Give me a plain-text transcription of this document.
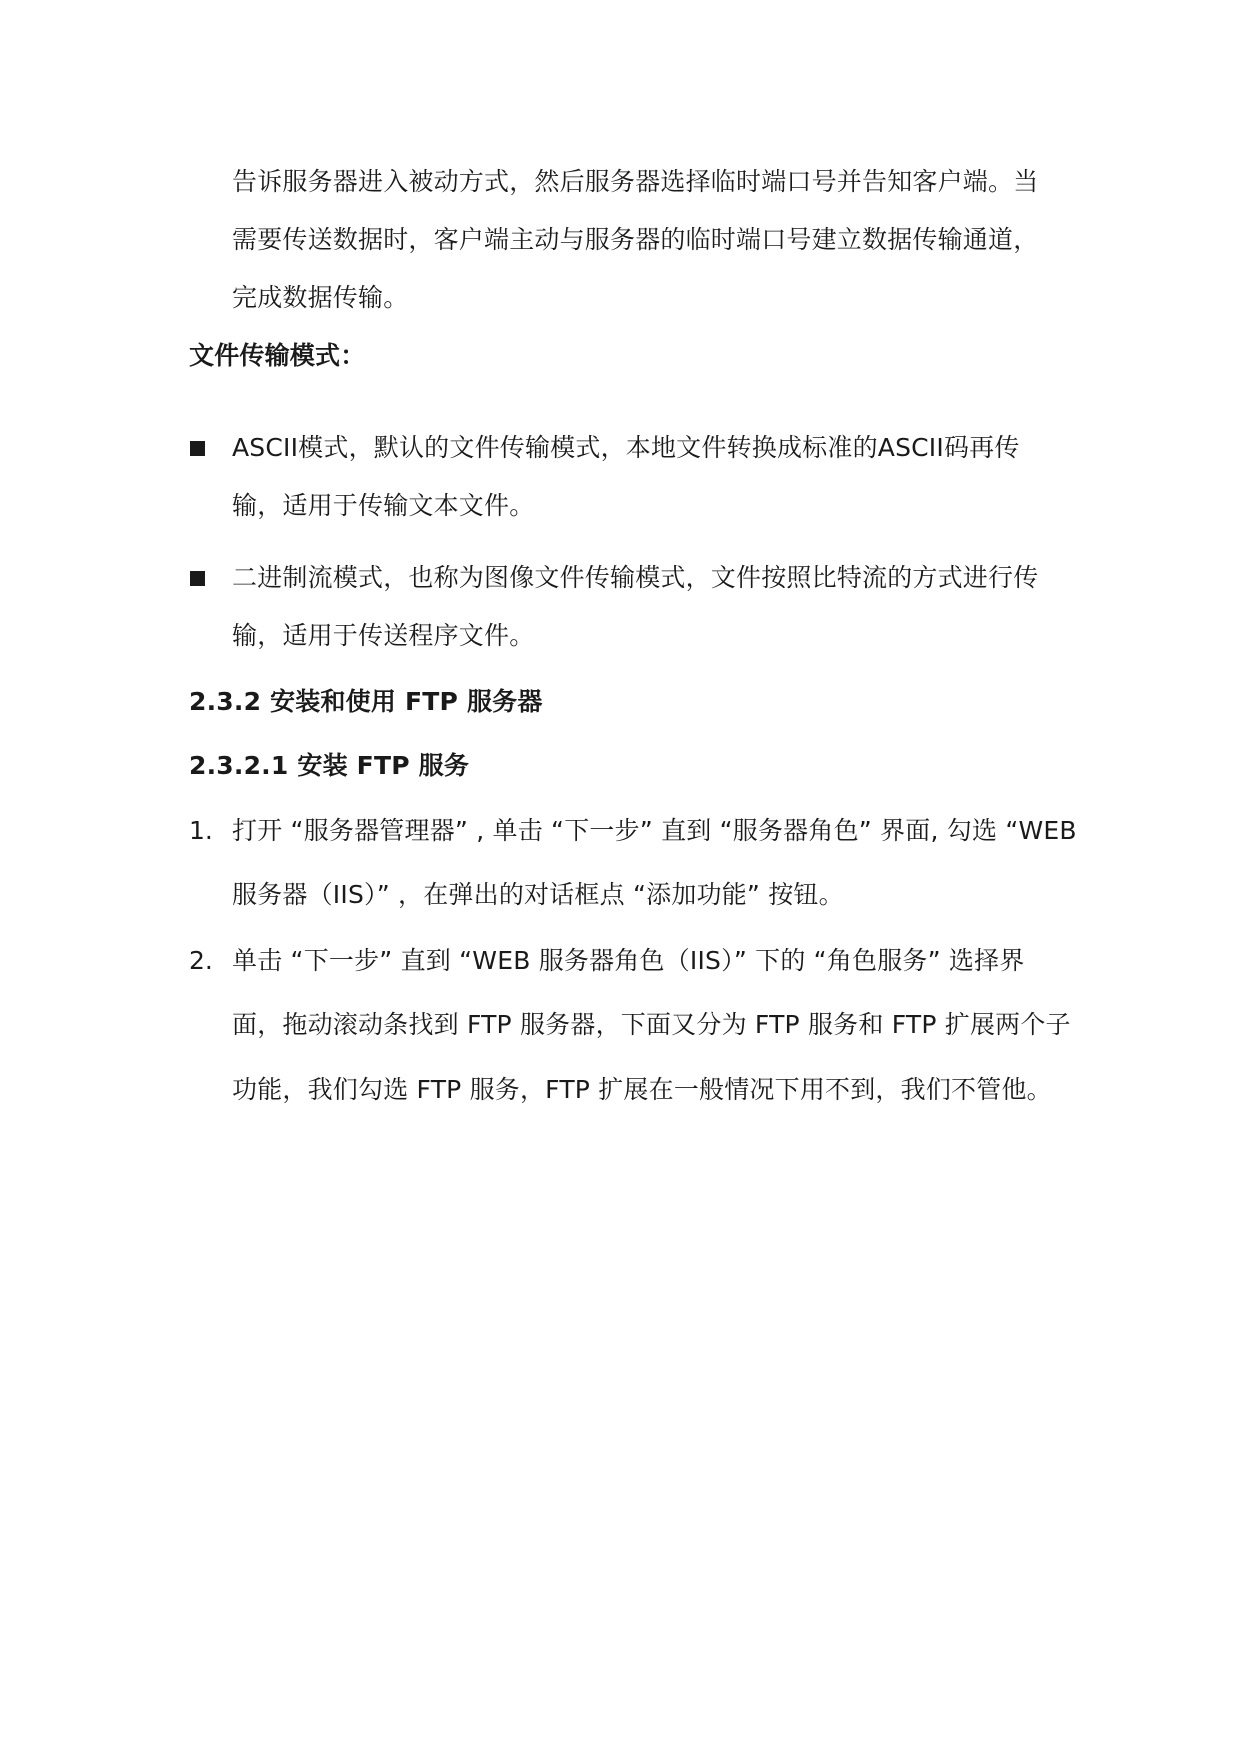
告诉服务器进入被动方式，然后服务器选择临时端口号并告知客户端。当
需要传送数据时，客户端主动与服务器的临时端口号建立数据传输通道，
完成数据传输。
文件传输模式：
ASCII模式，默认的文件传输模式，本地文件转换成标准的ASCII码再传
输，适用于传输文本文件。
二进制流模式，也称为图像文件传输模式，文件按照比特流的方式进行传
输，适用于传送程序文件。
2.3.2 安装和使用 FTP 服务器
2.3.2.1 安装 FTP 服务
1. 打开 “服务器管理器” , 单击 “下一步” 直到 “服务器角色” 界面, 勾选 “WEB
服务器（IIS）” ，在弹出的对话框点 “添加功能” 按钮。
2. 单击 “下一步” 直到 “WEB 服务器角色（IIS）” 下的 “角色服务” 选择界
面，拖动滚动条找到 FTP 服务器，下面又分为 FTP 服务和 FTP 扩展两个子
功能，我们勾选 FTP 服务，FTP 扩展在一般情况下用不到，我们不管他。
